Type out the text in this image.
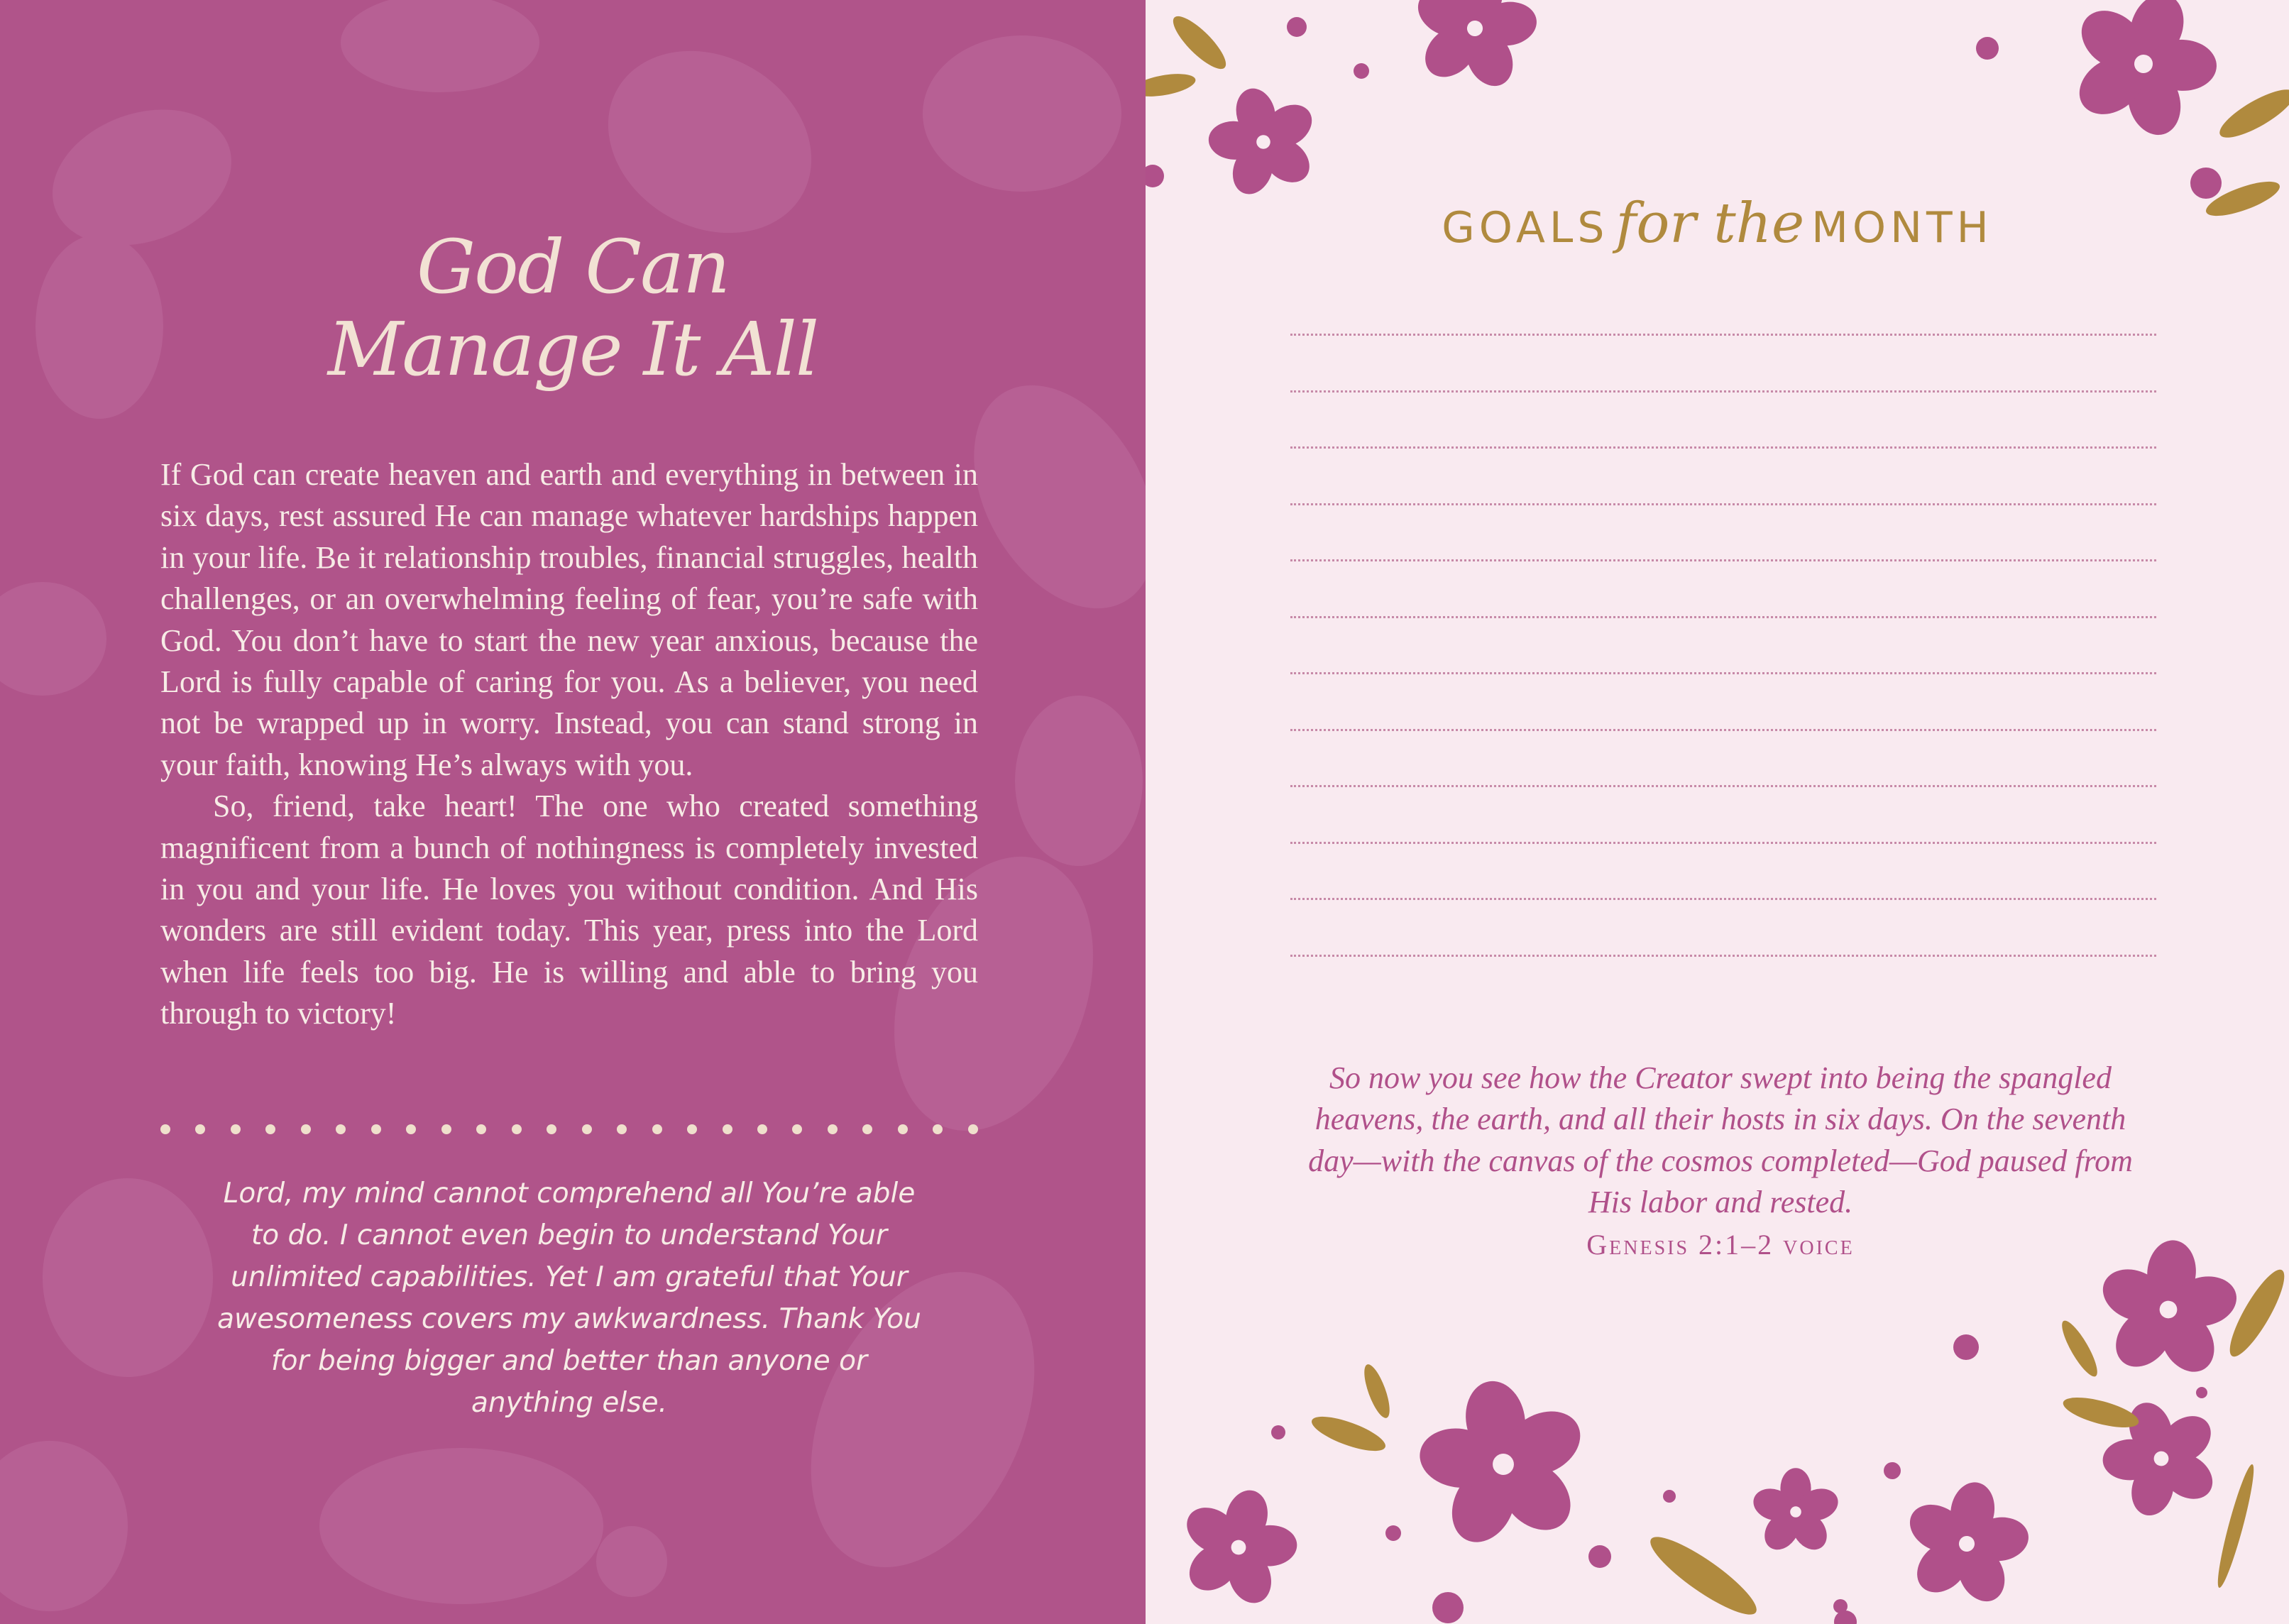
God Can
Manage It All

If God can create heaven and earth and everything in between in six days, rest assured He can manage whatever hardships happen in your life. Be it relationship troubles, financial struggles, health challenges, or an overwhelming feeling of fear, you’re safe with God. You don’t have to start the new year anxious, because the Lord is fully capable of caring for you. As a believer, you need not be wrapped up in worry. Instead, you can stand strong in your faith, knowing He’s always with you.

So, friend, take heart! The one who created something magnificent from a bunch of nothingness is completely invested in you and your life. He loves you without condition. And His wonders are still evident today. This year, press into the Lord when life feels too big. He is willing and able to bring you through to victory!

Lord, my mind cannot comprehend all You’re able to do. I cannot even begin to understand Your unlimited capabilities. Yet I am grateful that Your awesomeness covers my awkwardness. Thank You for being bigger and better than anyone or anything else.
GOALS for the MONTH
So now you see how the Creator swept into being the spangled heavens, the earth, and all their hosts in six days. On the seventh day—with the canvas of the cosmos completed—God paused from His labor and rested.
Genesis 2:1–2 voice
